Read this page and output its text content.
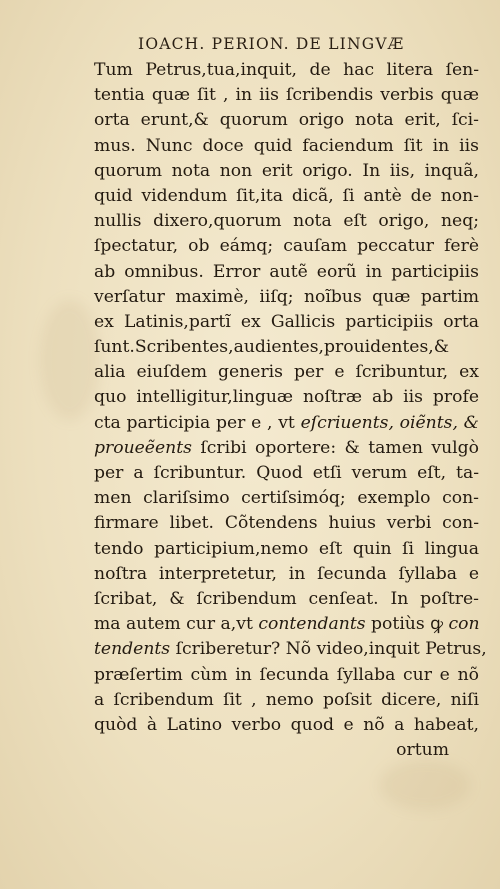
IOACH. PERION. DE LINGVÆ
Tum Petrus,tua,inquit, de hac litera ſen-
tentia quæ ſit , in iis ſcribendis verbis quæ
orta erunt,& quorum origo nota erit, ſci-
mus. Nunc doce quid faciendum ſit in iis
quorum nota non erit origo. In iis, inquã,
quid videndum ſit,ita dicã, ſi antè de non-
nullis dixero,quorum nota eſt origo, neq;
ſpectatur, ob eámq; cauſam peccatur ferè
ab omnibus. Error autẽ eorũ in participiis
verſatur maximè, iiſq; noĩbus quæ partim
ex Latinis,partĩ ex Gallicis participiis orta
ſunt.Scribentes,audientes,prouidentes,&
alia eiuſdem generis per e ſcribuntur, ex
quo intelligitur,linguæ noſtræ ab iis profe
cta participia per e , vt eſcriuents, oiẽnts, &
proueẽents ſcribi oportere: & tamen vulgò
per a ſcribuntur. Quod etſi verum eſt, ta-
men clariſsimo certiſsimóq; exemplo con-
firmare libet. Cõtendens huius verbi con-
tendo participium,nemo eſt quin ſi lingua
noſtra interpretetur, in ſecunda ſyllaba e
ſcribat, & ſcribendum cenſeat. In poſtre-
ma autem cur a,vt contendants potiùs ꝙ con
tendents ſcriberetur? Nõ video,inquit Petrus,
præſertim cùm in ſecunda ſyllaba cur e nõ
a ſcribendum ſit , nemo poſsit dicere, niſi
quòd à Latino verbo quod e nõ a habeat,
ortum
